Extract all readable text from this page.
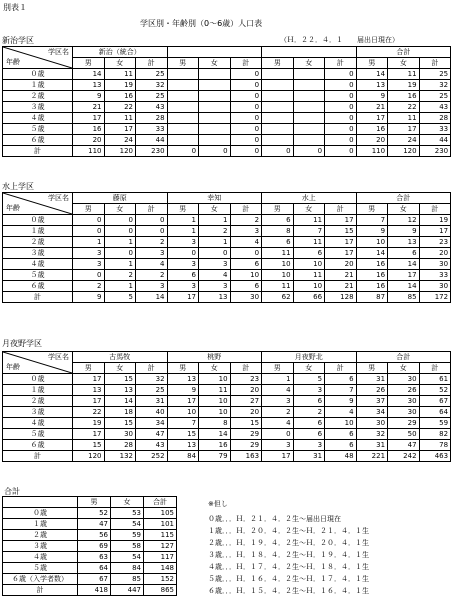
別表１
学区別・年齢別（0～6歳）人口表
（Ｈ．２２．４．１　　届出日現在）
新治学区
学区名
年齢	新治（統合）									合計		
	男	女	計	男	女	計	男	女	計	男	女	計
０歳	14	11	25			0			0	14	11	25
１歳	13	19	32			0			0	13	19	32
２歳	9	16	25			0			0	9	16	25
３歳	21	22	43			0			0	21	22	43
４歳	17	11	28			0			0	17	11	28
５歳	16	17	33			0			0	16	17	33
６歳	20	24	44			0			0	20	24	44
計	110	120	230	0	0	0	0	0	0	110	120	230
水上学区
学区名
年齢	藤原			幸知			水上			合計		
	男	女	計	男	女	計	男	女	計	男	女	計
０歳	0	0	0	1	1	2	6	11	17	7	12	19
１歳	0	0	0	1	2	3	8	7	15	9	9	17
２歳	1	1	2	3	1	4	6	11	17	10	13	23
３歳	3	0	3	0	0	0	11	6	17	14	6	20
４歳	3	1	4	3	3	6	10	10	20	16	14	30
５歳	0	2	2	6	4	10	10	11	21	16	17	33
６歳	2	1	3	3	3	6	11	10	21	16	14	30
計	9	5	14	17	13	30	62	66	128	87	85	172
月夜野学区
学区名
年齢	古馬牧			桃野			月夜野北			合計		
	男	女	計	男	女	計	男	女	計	男	女	計
０歳	17	15	32	13	10	23	1	5	6	31	30	61
１歳	13	13	25	9	11	20	4	3	7	26	26	52
２歳	17	14	31	17	10	27	3	6	9	37	30	67
３歳	22	18	40	10	10	20	2	2	4	34	30	64
４歳	19	15	34	7	8	15	4	6	10	30	29	59
５歳	17	30	47	15	14	29	0	6	6	32	50	82
６歳	15	28	43	13	16	29	3	3	6	31	47	78
計	120	132	252	84	79	163	17	31	48	221	242	463
合計
	男	女	合計
０歳	52	53	105
１歳	47	54	101
２歳	56	59	115
３歳	69	58	127
４歳	63	54	117
５歳	64	84	148
６歳（入学者数）	67	85	152
計	418	447	865
※但し
０歳．．．Ｈ．２１．４．２生～届出日現在
１歳．．．Ｈ．２０．４．２生～Ｈ．２１．４．１生
２歳．．．Ｈ．１９．４．２生～Ｈ．２０．４．１生
３歳．．．Ｈ．１８．４．２生～Ｈ．１９．４．１生
４歳．．．Ｈ．１７．４．２生～Ｈ．１８．４．１生
５歳．．．Ｈ．１６．４．２生～Ｈ．１７．４．１生
６歳．．．Ｈ．１５．４．２生～Ｈ．１６．４．１生
